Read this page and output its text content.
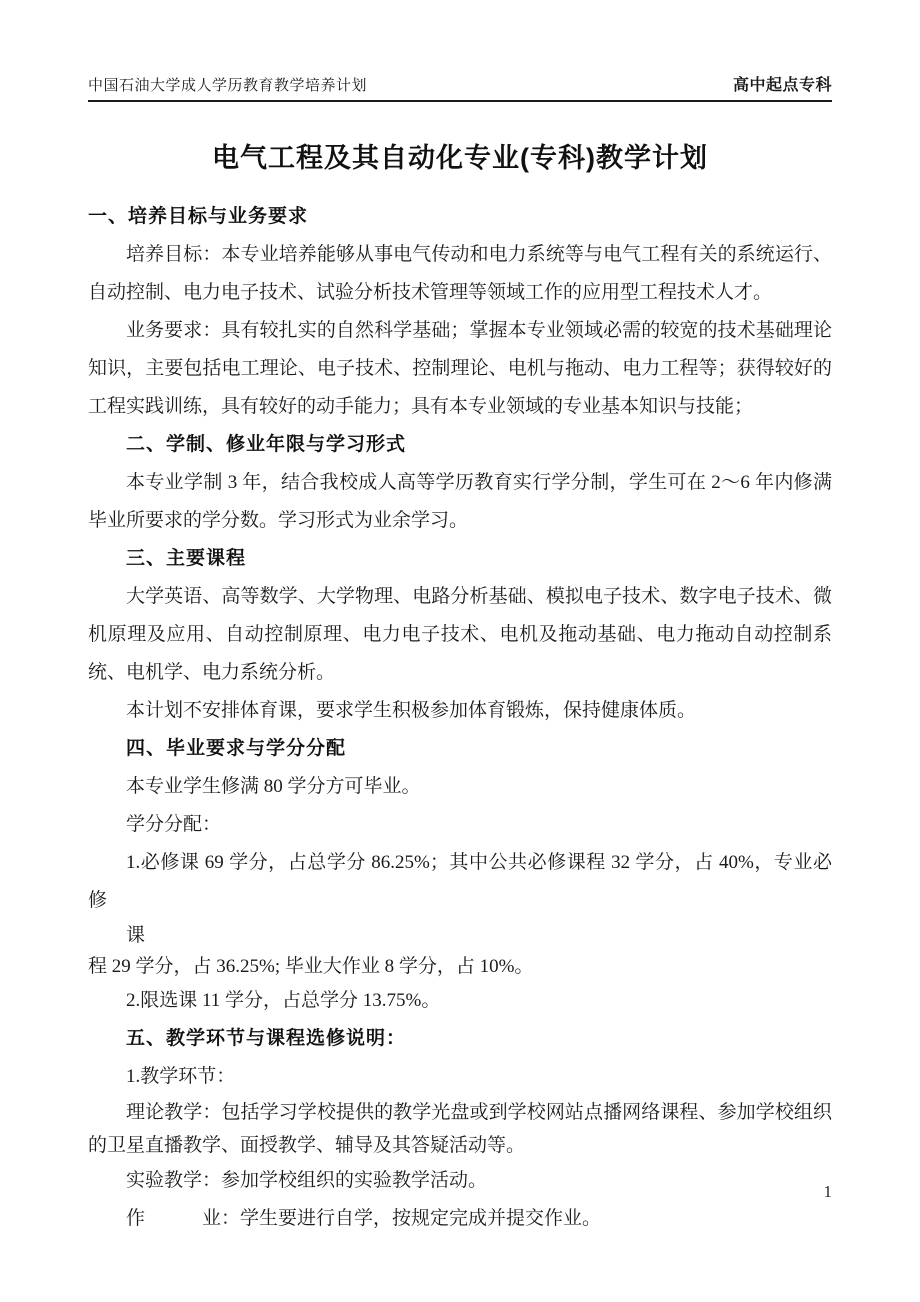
中国石油大学成人学历教育教学培养计划	高中起点专科
电气工程及其自动化专业(专科)教学计划
一、培养目标与业务要求
培养目标：本专业培养能够从事电气传动和电力系统等与电气工程有关的系统运行、自动控制、电力电子技术、试验分析技术管理等领域工作的应用型工程技术人才。
业务要求：具有较扎实的自然科学基础；掌握本专业领域必需的较宽的技术基础理论知识，主要包括电工理论、电子技术、控制理论、电机与拖动、电力工程等；获得较好的工程实践训练，具有较好的动手能力；具有本专业领域的专业基本知识与技能；
二、学制、修业年限与学习形式
本专业学制 3 年，结合我校成人高等学历教育实行学分制，学生可在 2～6 年内修满毕业所要求的学分数。学习形式为业余学习。
三、主要课程
大学英语、高等数学、大学物理、电路分析基础、模拟电子技术、数字电子技术、微机原理及应用、自动控制原理、电力电子技术、电机及拖动基础、电力拖动自动控制系统、电机学、电力系统分析。
本计划不安排体育课，要求学生积极参加体育锻炼，保持健康体质。
四、毕业要求与学分分配
本专业学生修满 80 学分方可毕业。
学分分配：
1.必修课 69 学分，占总学分 86.25%；其中公共必修课程 32 学分，占 40%，专业必修
课
程 29 学分，占 36.25%; 毕业大作业 8 学分，占 10%。
2.限选课 11 学分，占总学分 13.75%。
五、教学环节与课程选修说明：
1.教学环节：
理论教学：包括学习学校提供的教学光盘或到学校网站点播网络课程、参加学校组织的卫星直播教学、面授教学、辅导及其答疑活动等。
实验教学：参加学校组织的实验教学活动。
作　　　业：学生要进行自学，按规定完成并提交作业。
1
